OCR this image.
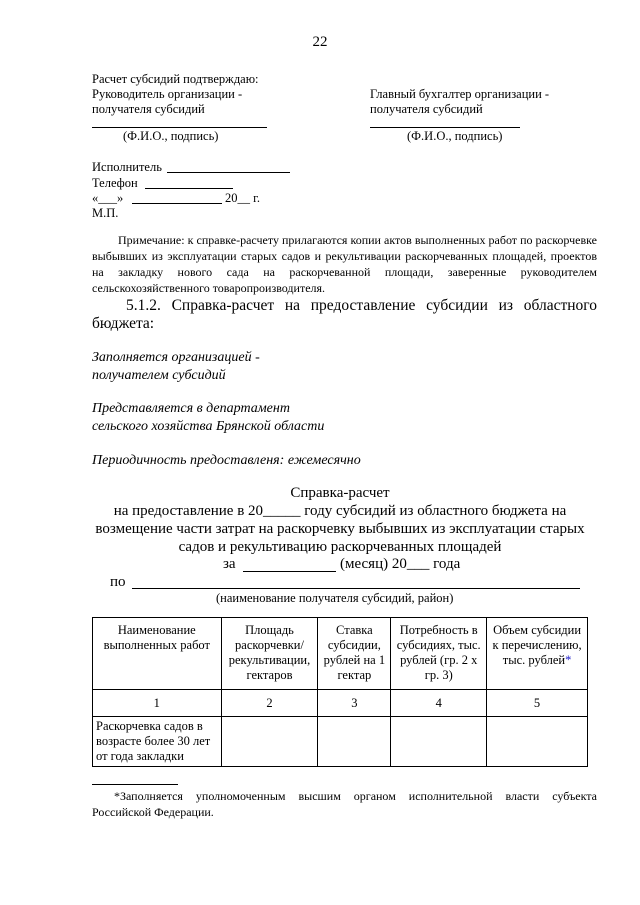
22
Расчет субсидий подтверждаю:
Руководитель организации -
получателя субсидий
Главный бухгалтер организации -
получателя субсидий
(Ф.И.О., подпись)	(Ф.И.О., подпись)
Исполнитель
Телефон
«___»	20__ г.
М.П.
Примечание: к справке-расчету прилагаются копии актов выполненных работ по раскорчевке выбывших из эксплуатации старых садов и рекультивации раскорчеванных площадей, проектов на закладку нового сада на раскорчеванной площади, заверенные руководителем сельскохозяйственного товаропроизводителя.
5.1.2. Справка-расчет на предоставление субсидии из областного бюджета:
Заполняется организацией -
получателем субсидий
Представляется в департамент
сельского хозяйства Брянской области
Периодичность предоставленя: ежемесячно
Справка-расчет
на предоставление в 20_____ году субсидий из областного бюджета на
возмещение части затрат на раскорчевку выбывших из эксплуатации старых
садов и рекультивацию раскорчеванных площадей
за	(месяц) 20___ года
по
(наименование получателя субсидий, район)
Наименование выполненных работ	Площадь раскорчевки/рекультивации, гектаров	Ставка субсидии, рублей на 1 гектар	Потребность в субсидиях, тыс. рублей (гр. 2 х гр. 3)	Объем субсидии к перечислению, тыс. рублей*
1	2	3	4	5
Раскорчевка садов в возрасте более 30 лет от года закладки				
*Заполняется уполномоченным высшим органом исполнительной власти субъекта Российской Федерации.
